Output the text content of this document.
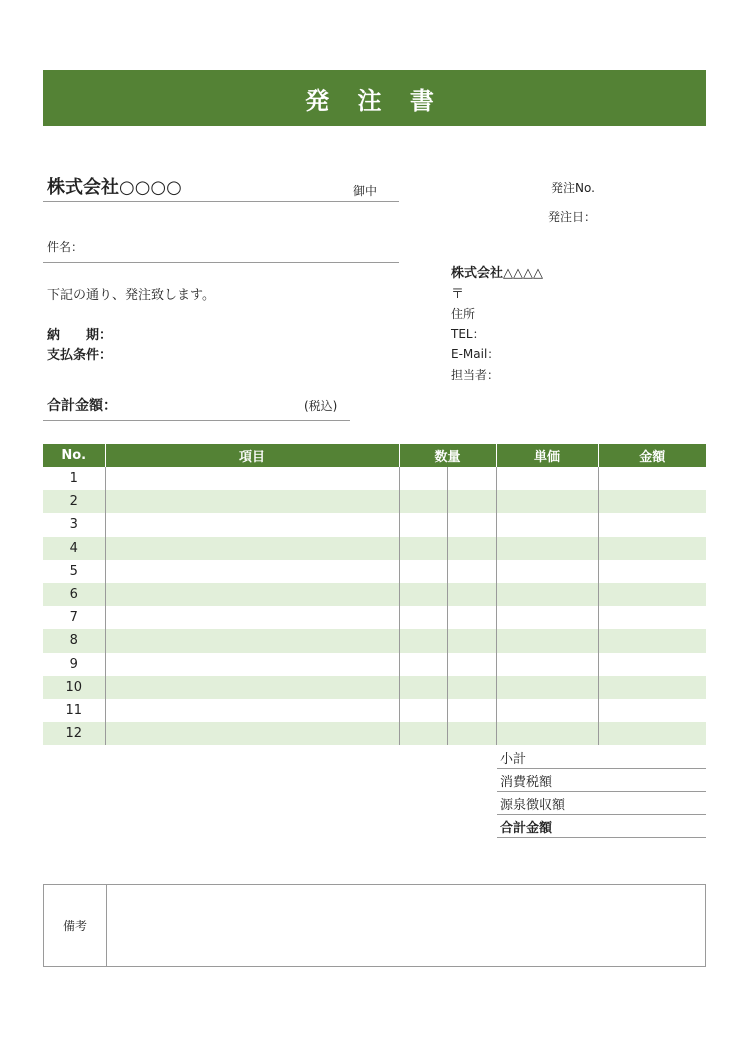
発 注 書
株式会社○○○○	御中
件名：
下記の通り、発注致します。
納　　期：
支払条件：
合計金額：	(税込)
発注No.
発注日：
株式会社△△△△
〒
住所
TEL：
E-Mail：
担当者：
No.	項目	数量		単価	金額
1					
2					
3					
4					
5					
6					
7					
8					
9					
10					
11					
12					
小計
消費税額
源泉徴収額
合計金額
備考
